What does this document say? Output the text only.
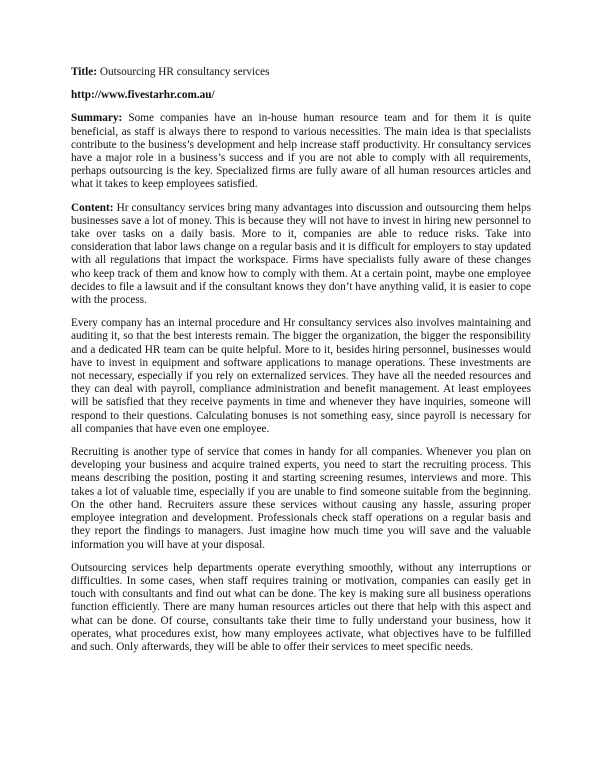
Title: Outsourcing HR consultancy services
http://www.fivestarhr.com.au/

Summary: Some companies have an in-house human resource team and for them it is quite beneficial, as staff is always there to respond to various necessities. The main idea is that specialists contribute to the business’s development and help increase staff productivity. Hr consultancy services have a major role in a business’s success and if you are not able to comply with all requirements, perhaps outsourcing is the key. Specialized firms are fully aware of all human resources articles and what it takes to keep employees satisfied.

Content: Hr consultancy services bring many advantages into discussion and outsourcing them helps businesses save a lot of money. This is because they will not have to invest in hiring new personnel to take over tasks on a daily basis. More to it, companies are able to reduce risks. Take into consideration that labor laws change on a regular basis and it is difficult for employers to stay updated with all regulations that impact the workspace. Firms have specialists fully aware of these changes who keep track of them and know how to comply with them. At a certain point, maybe one employee decides to file a lawsuit and if the consultant knows they don’t have anything valid, it is easier to cope with the process.

Every company has an internal procedure and Hr consultancy services also involves maintaining and auditing it, so that the best interests remain. The bigger the organization, the bigger the responsibility and a dedicated HR team can be quite helpful. More to it, besides hiring personnel, businesses would have to invest in equipment and software applications to manage operations. These investments are not necessary, especially if you rely on externalized services. They have all the needed resources and they can deal with payroll, compliance administration and benefit management. At least employees will be satisfied that they receive payments in time and whenever they have inquiries, someone will respond to their questions. Calculating bonuses is not something easy, since payroll is necessary for all companies that have even one employee.

Recruiting is another type of service that comes in handy for all companies. Whenever you plan on developing your business and acquire trained experts, you need to start the recruiting process. This means describing the position, posting it and starting screening resumes, interviews and more. This takes a lot of valuable time, especially if you are unable to find someone suitable from the beginning. On the other hand. Recruiters assure these services without causing any hassle, assuring proper employee integration and development. Professionals check staff operations on a regular basis and they report the findings to managers. Just imagine how much time you will save and the valuable information you will have at your disposal.

Outsourcing services help departments operate everything smoothly, without any interruptions or difficulties. In some cases, when staff requires training or motivation, companies can easily get in touch with consultants and find out what can be done. The key is making sure all business operations function efficiently. There are many human resources articles out there that help with this aspect and what can be done. Of course, consultants take their time to fully understand your business, how it operates, what procedures exist, how many employees activate, what objectives have to be fulfilled and such. Only afterwards, they will be able to offer their services to meet specific needs.
